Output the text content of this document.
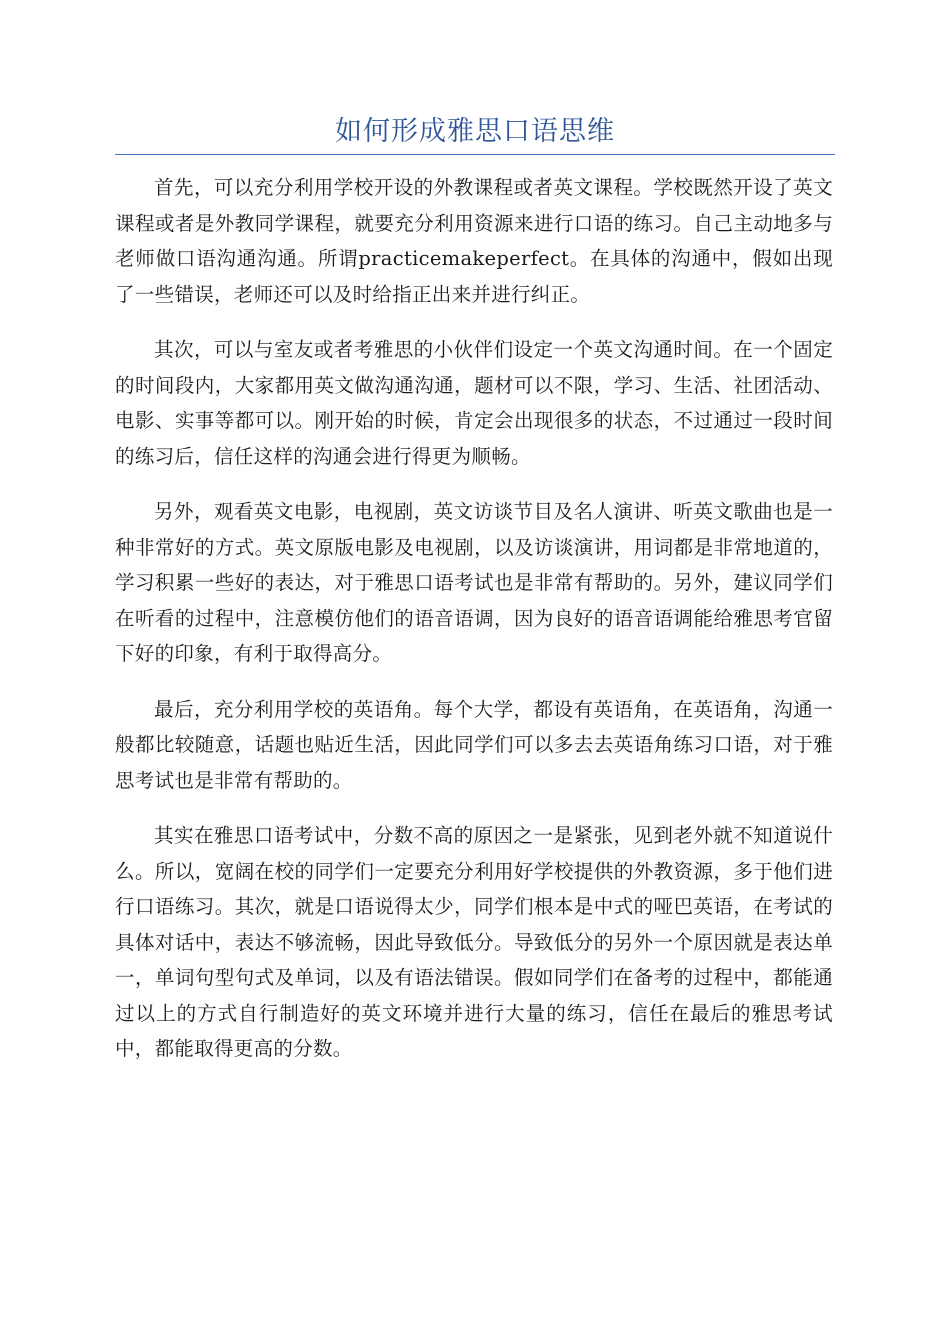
如何形成雅思口语思维

首先，可以充分利用学校开设的外教课程或者英文课程。学校既然开设了英文课程或者是外教同学课程，就要充分利用资源来进行口语的练习。自己主动地多与老师做口语沟通沟通。所谓practicemakeperfect。在具体的沟通中，假如出现了一些错误，老师还可以及时给指正出来并进行纠正。

其次，可以与室友或者考雅思的小伙伴们设定一个英文沟通时间。在一个固定的时间段内，大家都用英文做沟通沟通，题材可以不限，学习、生活、社团活动、电影、实事等都可以。刚开始的时候，肯定会出现很多的状态，不过通过一段时间的练习后，信任这样的沟通会进行得更为顺畅。

另外，观看英文电影，电视剧，英文访谈节目及名人演讲、听英文歌曲也是一种非常好的方式。英文原版电影及电视剧，以及访谈演讲，用词都是非常地道的，学习积累一些好的表达，对于雅思口语考试也是非常有帮助的。另外，建议同学们在听看的过程中，注意模仿他们的语音语调，因为良好的语音语调能给雅思考官留下好的印象，有利于取得高分。

最后，充分利用学校的英语角。每个大学，都设有英语角，在英语角，沟通一般都比较随意，话题也贴近生活，因此同学们可以多去去英语角练习口语，对于雅思考试也是非常有帮助的。

其实在雅思口语考试中，分数不高的原因之一是紧张，见到老外就不知道说什么。所以，宽阔在校的同学们一定要充分利用好学校提供的外教资源，多于他们进行口语练习。其次，就是口语说得太少，同学们根本是中式的哑巴英语，在考试的具体对话中，表达不够流畅，因此导致低分。导致低分的另外一个原因就是表达单一，单词句型句式及单词，以及有语法错误。假如同学们在备考的过程中，都能通过以上的方式自行制造好的英文环境并进行大量的练习，信任在最后的雅思考试中，都能取得更高的分数。
